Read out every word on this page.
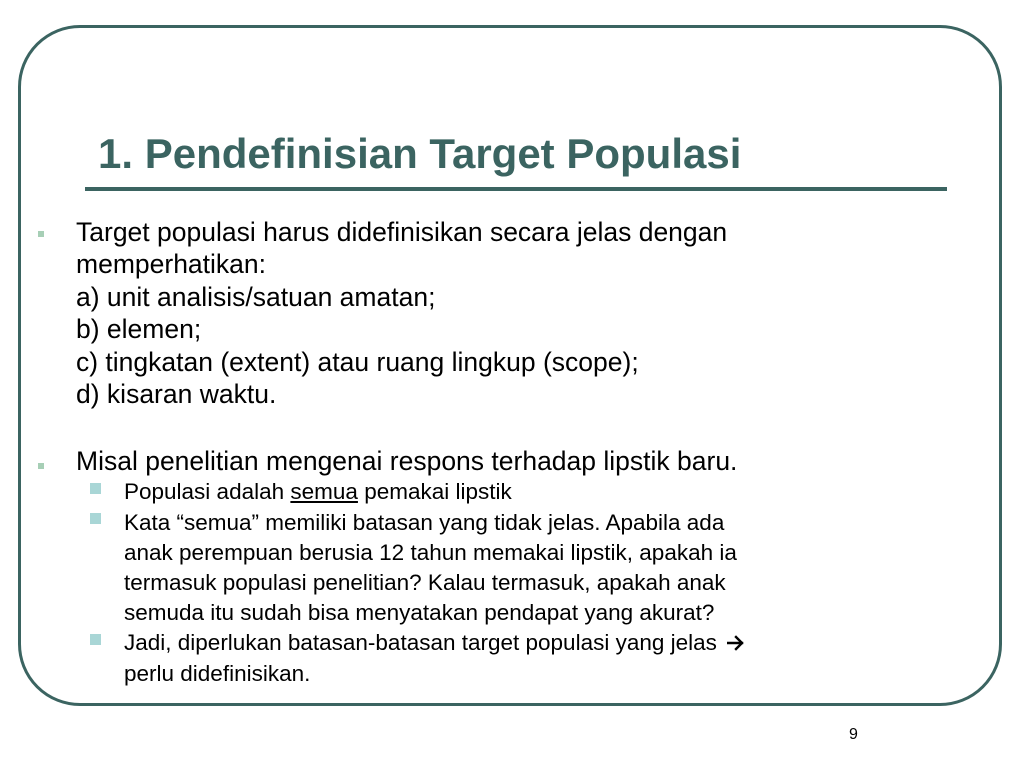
1. Pendefinisian Target Populasi
Target populasi harus didefinisikan secara jelas dengan
memperhatikan:
a) unit analisis/satuan amatan;
b) elemen;
c) tingkatan (extent) atau ruang lingkup (scope);
d) kisaran waktu.
Misal penelitian mengenai respons terhadap lipstik baru.
Populasi adalah semua pemakai lipstik
Kata “semua” memiliki batasan yang tidak jelas. Apabila ada
anak perempuan berusia 12 tahun memakai lipstik, apakah ia
termasuk populasi penelitian? Kalau termasuk, apakah anak
semuda itu sudah bisa menyatakan pendapat yang akurat?
Jadi, diperlukan batasan-batasan target populasi yang jelas
perlu didefinisikan.
9
